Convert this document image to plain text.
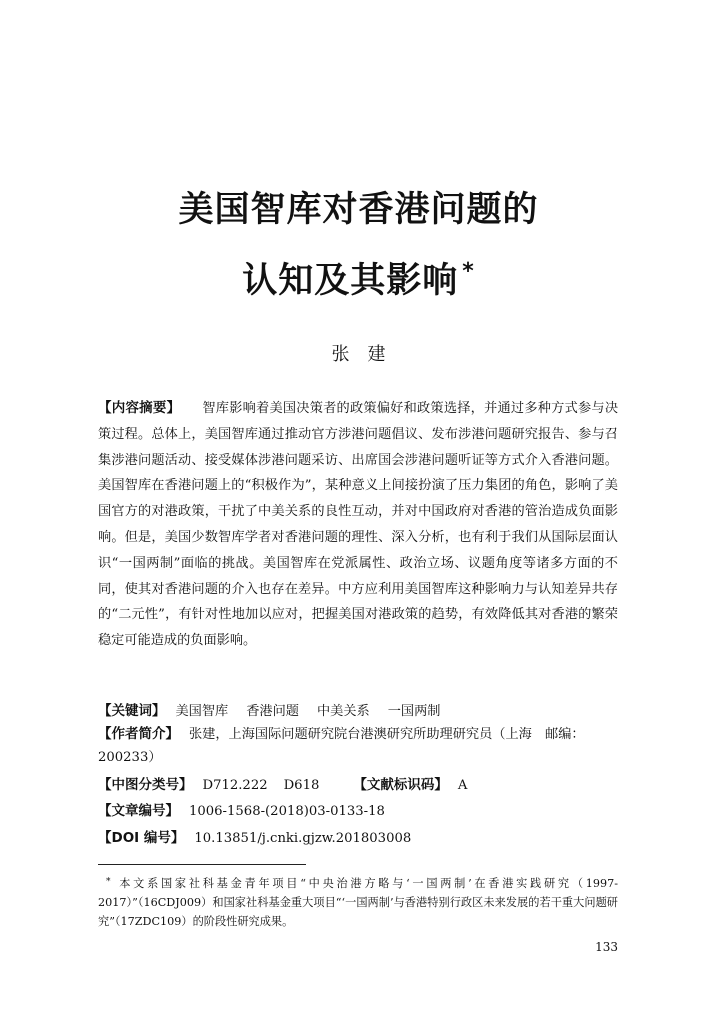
美国智库对香港问题的
认知及其影响 *
张建

【内容摘要】 智库影响着美国决策者的政策偏好和政策选择，并通过多种方式参与决策过程。总体上，美国智库通过推动官方涉港问题倡议、发布涉港问题研究报告、参与召集涉港问题活动、接受媒体涉港问题采访、出席国会涉港问题听证等方式介入香港问题。美国智库在香港问题上的“积极作为”，某种意义上间接扮演了压力集团的角色，影响了美国官方的对港政策，干扰了中美关系的良性互动，并对中国政府对香港的管治造成负面影响。但是，美国少数智库学者对香港问题的理性、深入分析，也有利于我们从国际层面认识“一国两制”面临的挑战。美国智库在党派属性、政治立场、议题角度等诸多方面的不同，使其对香港问题的介入也存在差异。中方应利用美国智库这种影响力与认知差异共存的“二元性”，有针对性地加以应对，把握美国对港政策的趋势，有效降低其对香港的繁荣稳定可能造成的负面影响。

【关键词】 美国智库 香港问题 中美关系 一国两制

【作者简介】 张建，上海国际问题研究院台港澳研究所助理研究员（上海　邮编：200233）

【中图分类号】 D712.222 D618	【文献标识码】 A

【文章编号】 1006-1568-(2018)03-0133-18

【DOI 编号】 10.13851/j.cnki.gjzw.201803008

* 本文系国家社科基金青年项目“中央治港方略与‘一国两制’在香港实践研究（1997-2017）”（16CDJ009）和国家社科基金重大项目“‘一国两制’与香港特别行政区未来发展的若干重大问题研究”（17ZDC109）的阶段性研究成果。

133
